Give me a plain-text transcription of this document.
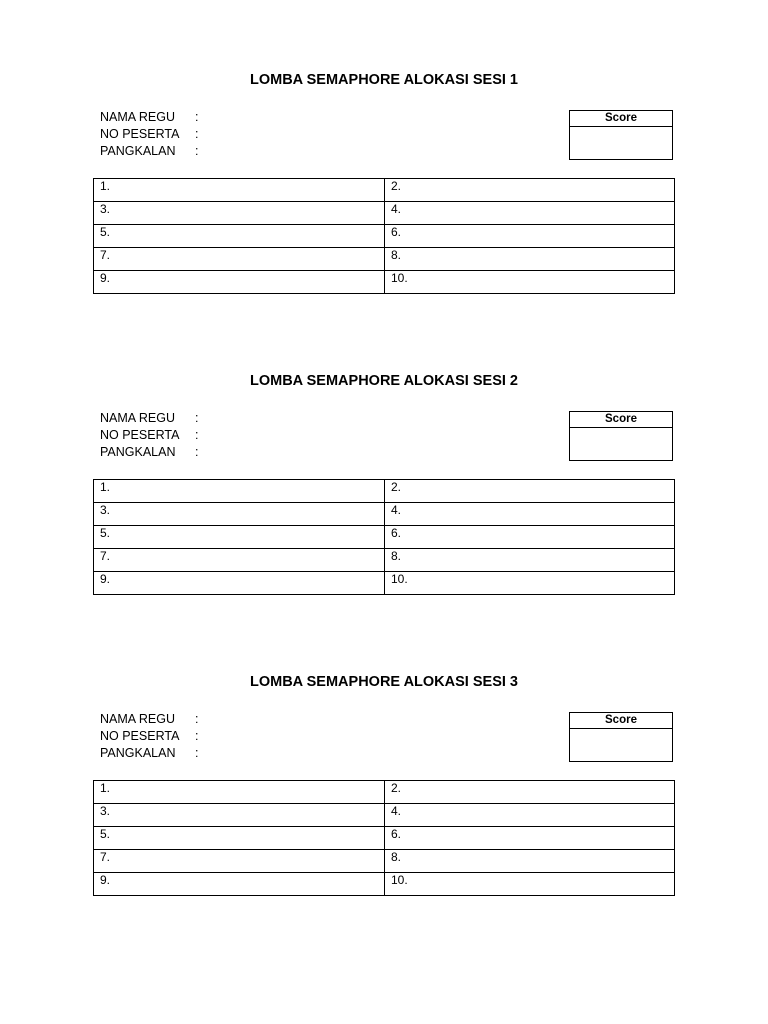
LOMBA SEMAPHORE ALOKASI SESI 1
NAMA REGU :
NO PESERTA :
PANGKALAN :
Score
1.	2.
3.	4.
5.	6.
7.	8.
9.	10.
LOMBA SEMAPHORE ALOKASI SESI 2
NAMA REGU :
NO PESERTA :
PANGKALAN :
Score
1.	2.
3.	4.
5.	6.
7.	8.
9.	10.
LOMBA SEMAPHORE ALOKASI SESI 3
NAMA REGU :
NO PESERTA :
PANGKALAN :
Score
1.	2.
3.	4.
5.	6.
7.	8.
9.	10.
